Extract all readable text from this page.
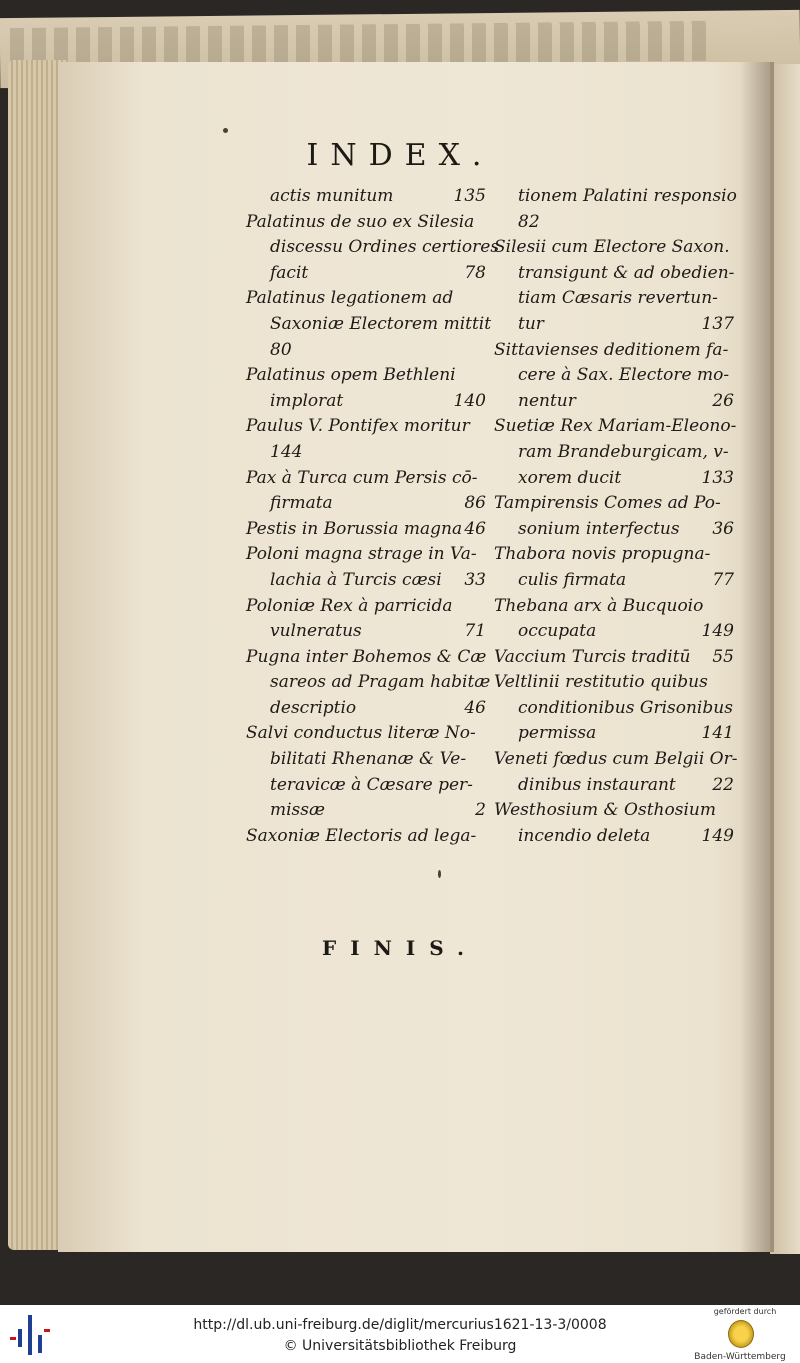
INDEX.
actis munitum	135
Palatinus de suo ex Silesia
discessu Ordines certiores
facit	78
Palatinus legationem ad
Saxoniæ Electorem mittit
80
Palatinus opem Bethleni
implorat	140
Paulus V. Pontifex moritur
144
Pax à Turca cum Persis cō-
firmata	86
Pestis in Borussia magna 46
Poloni magna strage in Va-
lachia à Turcis cæsi 33
Poloniæ Rex à parricida
vulneratus	71
Pugna inter Bohemos & Cæ
sareos ad Pragam habitæ
descriptio	46
Salvi conductus literæ No-
bilitati Rhenanæ & Ve-
teravicæ à Cæsare per-
missæ	2
Saxoniæ Electoris ad lega-
tionem Palatini responsio
82
Silesii cum Electore Saxon.
transigunt & ad obedien-
tiam Cæsaris revertun-
tur	137
Sittavienses deditionem fa-
cere à Sax. Electore mo-
nentur	26
Suetiæ Rex Mariam-Eleono-
ram Brandeburgicam, v-
xorem ducit	133
Tampirensis Comes ad Po-
sonium interfectus 36
Thabora novis propugna-
culis firmata	77
Thebana arx à Bucquoio
occupata	149
Vaccium Turcis traditū 55
Veltlinii restitutio quibus
conditionibus Grisonibus
permissa	141
Veneti fœdus cum Belgii Or-
dinibus instaurant 22
Westhosium & Osthosium
incendio deleta	149
FINIS.
http://dl.ub.uni-freiburg.de/diglit/mercurius1621-13-3/0008
© Universitätsbibliothek Freiburg
gefördert durch
Baden-Württemberg
